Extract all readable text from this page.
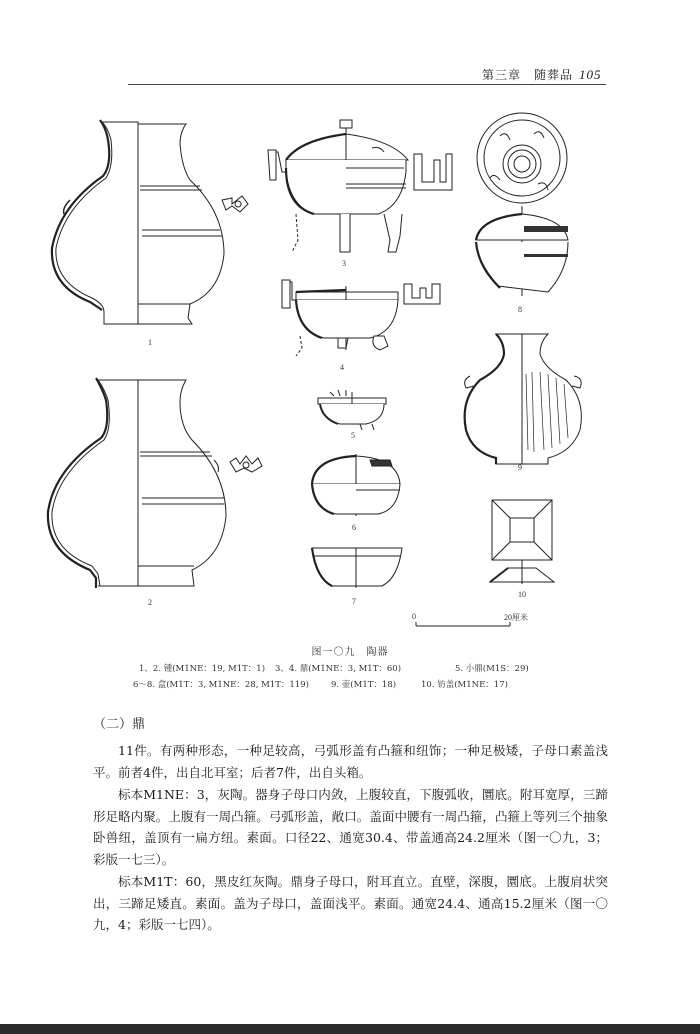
第三章　随葬品 105
1
2
3
4
5
6
7
8
9
10
0	20厘米
图一〇九　陶器
1、2. 锺(M1NE：19, M1T：1) 3、4. 鼎(M1NE：3, M1T：60)	5. 小鼎(M1S：29)
6～8. 盒(M1T：3, M1NE：28, M1T：119)	9. 壶(M1T：18)	10. 钫盖(M1NE：17)
（二）鼎
11件。有两种形态，一种足较高，弓弧形盖有凸箍和纽饰；一种足极矮，子母口素盖浅平。前者4件，出自北耳室；后者7件，出自头箱。
标本M1NE：3，灰陶。器身子母口内敛，上腹较直，下腹弧收，圜底。附耳宽厚，三蹄形足略内聚。上腹有一周凸箍。弓弧形盖，敞口。盖面中腰有一周凸箍，凸箍上等列三个抽象卧兽纽，盖顶有一扁方纽。素面。口径22、通宽30.4、带盖通高24.2厘米（图一〇九，3；彩版一七三）。
标本M1T：60，黑皮红灰陶。鼎身子母口，附耳直立。直壁，深腹，圜底。上腹肩状突出，三蹄足矮直。素面。盖为子母口，盖面浅平。素面。通宽24.4、通高15.2厘米（图一〇九，4；彩版一七四）。
